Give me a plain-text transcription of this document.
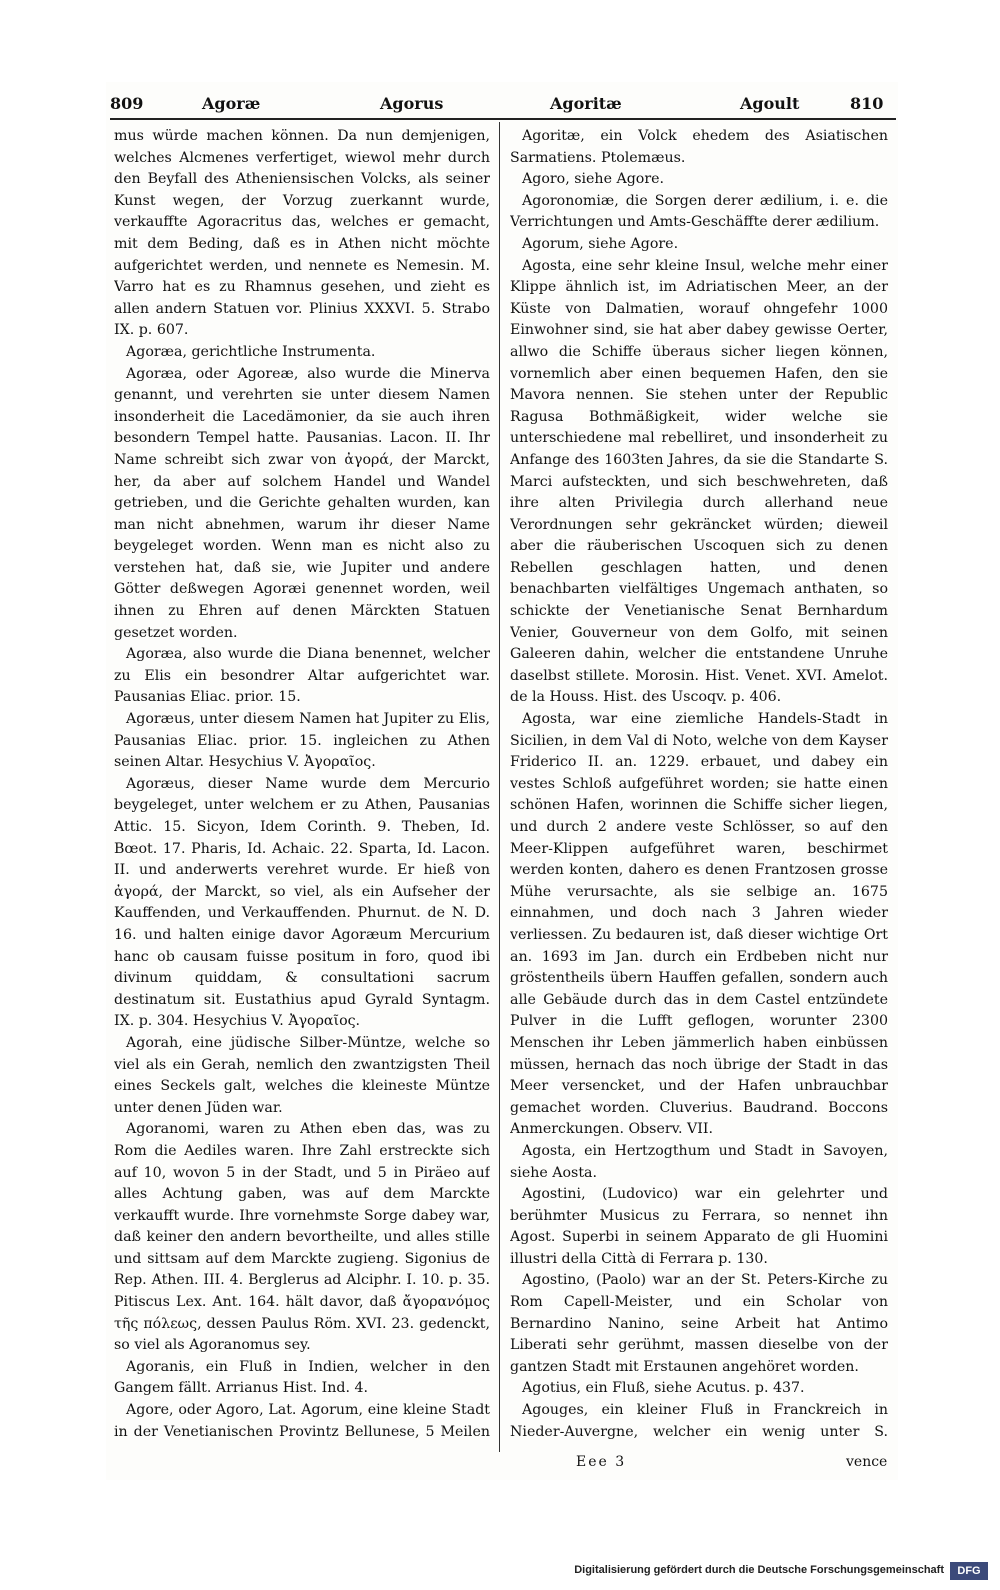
809	Agoræ	Agorus	Agoritæ	Agoult	810

mus würde machen können. Da nun demjenigen, welches Alcmenes verfertiget, wiewol mehr durch den Beyfall des Atheniensischen Volcks, als seiner Kunst wegen, der Vorzug zuerkannt wurde, verkauffte Agoracritus das, welches er gemacht, mit dem Beding, daß es in Athen nicht möchte aufgerichtet werden, und nennete es Nemesin. M. Varro hat es zu Rhamnus gesehen, und zieht es allen andern Statuen vor. Plinius XXXVI. 5. Strabo IX. p. 607.

Agoræa, gerichtliche Instrumenta.

Agoræa, oder Agoreæ, also wurde die Minerva genannt, und verehrten sie unter diesem Namen insonderheit die Lacedämonier, da sie auch ihren besondern Tempel hatte. Pausanias. Lacon. II. Ihr Name schreibt sich zwar von ἀγορά, der Marckt, her, da aber auf solchem Handel und Wandel getrieben, und die Gerichte gehalten wurden, kan man nicht abnehmen, warum ihr dieser Name beygeleget worden. Wenn man es nicht also zu verstehen hat, daß sie, wie Jupiter und andere Götter deßwegen Agoræi genennet worden, weil ihnen zu Ehren auf denen Märckten Statuen gesetzet worden.

Agoræa, also wurde die Diana benennet, welcher zu Elis ein besondrer Altar aufgerichtet war. Pausanias Eliac. prior. 15.

Agoræus, unter diesem Namen hat Jupiter zu Elis, Pausanias Eliac. prior. 15. ingleichen zu Athen seinen Altar. Hesychius V. Ἀγοραῖος.

Agoræus, dieser Name wurde dem Mercurio beygeleget, unter welchem er zu Athen, Pausanias Attic. 15. Sicyon, Idem Corinth. 9. Theben, Id. Bœot. 17. Pharis, Id. Achaic. 22. Sparta, Id. Lacon. II. und anderwerts verehret wurde. Er hieß von ἀγορά, der Marckt, so viel, als ein Aufseher der Kauffenden, und Verkauffenden. Phurnut. de N. D. 16. und halten einige davor Agoræum Mercurium hanc ob causam fuisse positum in foro, quod ibi divinum quiddam, & consultationi sacrum destinatum sit. Eustathius apud Gyrald Syntagm. IX. p. 304. Hesychius V. Ἀγοραῖος.

Agorah, eine jüdische Silber-Müntze, welche so viel als ein Gerah, nemlich den zwantzigsten Theil eines Seckels galt, welches die kleineste Müntze unter denen Jüden war.

Agoranomi, waren zu Athen eben das, was zu Rom die Aediles waren. Ihre Zahl erstreckte sich auf 10, wovon 5 in der Stadt, und 5 in Piräeo auf alles Achtung gaben, was auf dem Marckte verkaufft wurde. Ihre vornehmste Sorge dabey war, daß keiner den andern bevortheilte, und alles stille und sittsam auf dem Marckte zugieng. Sigonius de Rep. Athen. III. 4. Berglerus ad Alciphr. I. 10. p. 35. Pitiscus Lex. Ant. 164. hält davor, daß ἄγορανόμος τῆς πόλεως, dessen Paulus Röm. XVI. 23. gedenckt, so viel als Agoranomus sey.

Agoranis, ein Fluß in Indien, welcher in den Gangem fällt. Arrianus Hist. Ind. 4.

Agore, oder Agoro, Lat. Agorum, eine kleine Stadt in der Venetianischen Provintz Bellunese, 5 Meilen

Agoritæ, ein Volck ehedem des Asiatischen Sarmatiens. Ptolemæus.

Agoro, siehe Agore.

Agoronomiæ, die Sorgen derer ædilium, i. e. die Verrichtungen und Amts-Geschäffte derer ædilium.

Agorum, siehe Agore.

Agosta, eine sehr kleine Insul, welche mehr einer Klippe ähnlich ist, im Adriatischen Meer, an der Küste von Dalmatien, worauf ohngefehr 1000 Einwohner sind, sie hat aber dabey gewisse Oerter, allwo die Schiffe überaus sicher liegen können, vornemlich aber einen bequemen Hafen, den sie Mavora nennen. Sie stehen unter der Republic Ragusa Bothmäßigkeit, wider welche sie unterschiedene mal rebelliret, und insonderheit zu Anfange des 1603ten Jahres, da sie die Standarte S. Marci aufsteckten, und sich beschwehreten, daß ihre alten Privilegia durch allerhand neue Verordnungen sehr gekräncket würden; dieweil aber die räuberischen Uscoquen sich zu denen Rebellen geschlagen hatten, und denen benachbarten vielfältiges Ungemach anthaten, so schickte der Venetianische Senat Bernhardum Venier, Gouverneur von dem Golfo, mit seinen Galeeren dahin, welcher die entstandene Unruhe daselbst stillete. Morosin. Hist. Venet. XVI. Amelot. de la Houss. Hist. des Uscoqv. p. 406.

Agosta, war eine ziemliche Handels-Stadt in Sicilien, in dem Val di Noto, welche von dem Kayser Friderico II. an. 1229. erbauet, und dabey ein vestes Schloß aufgeführet worden; sie hatte einen schönen Hafen, worinnen die Schiffe sicher liegen, und durch 2 andere veste Schlösser, so auf den Meer-Klippen aufgeführet waren, beschirmet werden konten, dahero es denen Frantzosen grosse Mühe verursachte, als sie selbige an. 1675 einnahmen, und doch nach 3 Jahren wieder verliessen. Zu bedauren ist, daß dieser wichtige Ort an. 1693 im Jan. durch ein Erdbeben nicht nur gröstentheils übern Hauffen gefallen, sondern auch alle Gebäude durch das in dem Castel entzündete Pulver in die Lufft geflogen, worunter 2300 Menschen ihr Leben jämmerlich haben einbüssen müssen, hernach das noch übrige der Stadt in das Meer versencket, und der Hafen unbrauchbar gemachet worden. Cluverius. Baudrand. Boccons Anmerckungen. Observ. VII.

Agosta, ein Hertzogthum und Stadt in Savoyen, siehe Aosta.

Agostini, (Ludovico) war ein gelehrter und berühmter Musicus zu Ferrara, so nennet ihn Agost. Superbi in seinem Apparato de gli Huomini illustri della Città di Ferrara p. 130.

Agostino, (Paolo) war an der St. Peters-Kirche zu Rom Capell-Meister, und ein Scholar von Bernardino Nanino, seine Arbeit hat Antimo Liberati sehr gerühmt, massen dieselbe von der gantzen Stadt mit Erstaunen angehöret worden.

Agotius, ein Fluß, siehe Acutus. p. 437.

Agouges, ein kleiner Fluß in Franckreich in Nieder-Auvergne, welcher ein wenig unter S.

Eee 3	vence
Digitalisierung gefördert durch die Deutsche Forschungsgemeinschaft	DFG
